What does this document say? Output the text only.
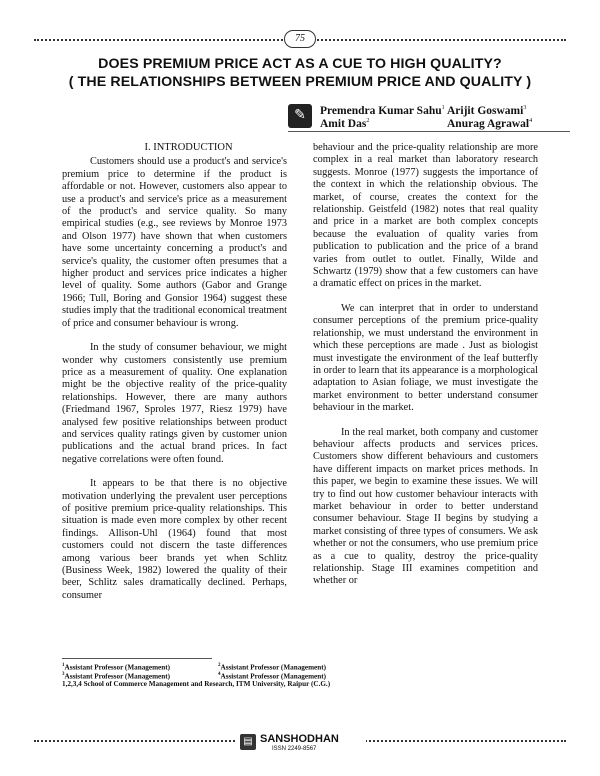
75
DOES PREMIUM PRICE ACT AS A CUE TO HIGH QUALITY?
( THE RELATIONSHIPS BETWEEN PREMIUM PRICE AND QUALITY )
✎	Premendra Kumar Sahu$^1$ Arijit Goswami$^3$
Amit Das$^2$	Anurag Agrawal$^4$

I. INTRODUCTION

Customers should use a product's and service's premium price to determine if the product is affordable or not. However, customers also appear to use a product's and service's price as a measurement of the product's and service quality. So many empirical studies (e.g., see reviews by Monroe 1973 and Olson 1977) have shown that when customers have some uncertainty concerning a product's and service's quality, the customer often presumes that a higher product and services price indicates a higher level of quality. Some authors (Gabor and Grange 1966; Tull, Boring and Gonsior 1964) suggest these studies imply that the traditional economical treatment of price and consumer behaviour is wrong.

In the study of consumer behaviour, we might wonder why customers consistently use premium price as a measurement of quality. One explanation might be the objective reality of the price-quality relationships. However, there are many authors (Friedmand 1967, Sproles 1977, Riesz 1979) have analysed few positive relationships between product and services quality ratings given by customer union publications and the actual brand prices. In fact negative correlations were often found.

It appears to be that there is no objective motivation underlying the prevalent user perceptions of positive premium price-quality relationships. This situation is made even more complex by other recent findings. Allison-Uhl (1964) found that most customers could not discern the taste differences among various beer brands yet when Schlitz (Business Week, 1982) lowered the quality of their beer, Schlitz sales dramatically declined. Perhaps, consumer

behaviour and the price-quality relationship are more complex in a real market than laboratory research suggests. Monroe (1977) suggests the importance of the context in which the relationship obvious. The market, of course, creates the context for the relationship. Geistfeld (1982) notes that real quality and price in a market are both complex concepts because the evaluation of quality varies from publication to publication and the price of a brand varies from outlet to outlet. Finally, Wilde and Schwartz (1979) show that a few customers can have a dramatic effect on prices in the market.

We can interpret that in order to understand consumer perceptions of the premium price-quality relationship, we must understand the environment in which these perceptions are made . Just as biologist must investigate the environment of the leaf butterfly in order to learn that its appearance is a morphological adaptation to Asian foliage, we must investigate the market environment to better understand consumer behaviour in the market.

In the real market, both company and customer behaviour affects products and services prices. Customers show different behaviours and customers have different impacts on market prices methods. In this paper, we begin to examine these issues. We will try to find out how customer behaviour interacts with market behaviour in order to better understand consumer behaviour. Stage II begins by studying a market consisting of three types of consumers. We ask whether or not the consumers, who use premium price as a cue to quality, destroy the price-quality relationship. Stage III examines competition and whether or

$^1$Assistant Professor (Management)	$^2$Assistant Professor (Management)
$^3$Assistant Professor (Management)	$^4$Assistant Professor (Management)
1,2,3,4 School of Commerce Management and Research, ITM University, Raipur (C.G.)
▤ SANSHODHAN
ISSN 2249-8567
